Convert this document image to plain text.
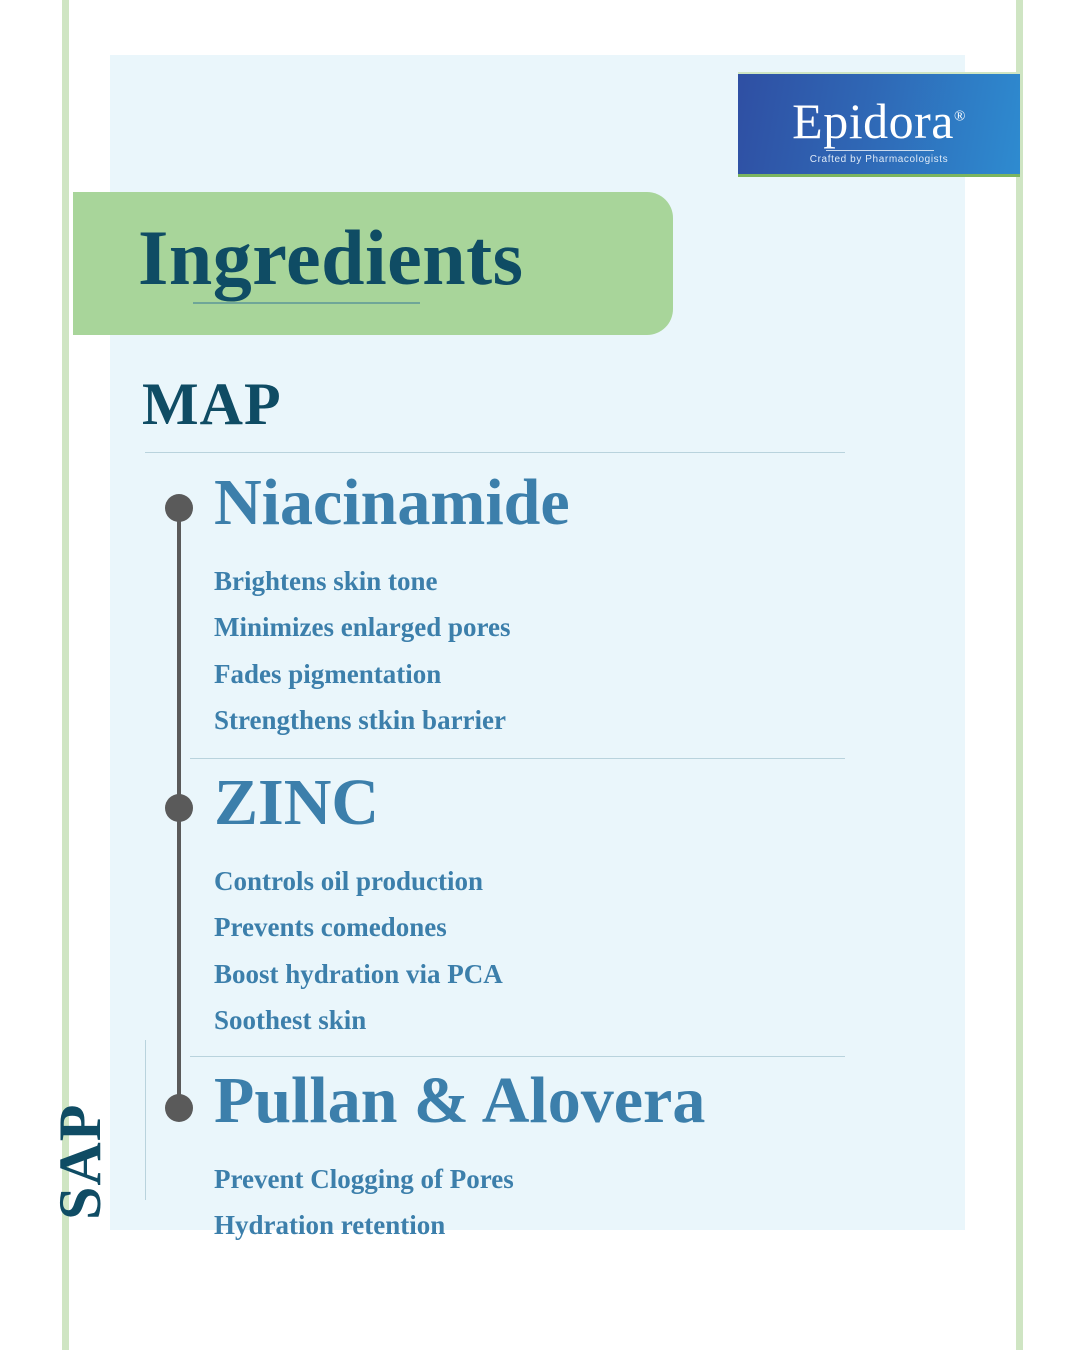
Epidora®
Crafted by Pharmacologists
Ingredients
MAP
SAP
Niacinamide
Brightens skin tone
Minimizes enlarged pores
Fades pigmentation
Strengthens stkin barrier
ZINC
Controls oil production
Prevents comedones
Boost hydration via PCA
Soothest skin
Pullan & Alovera
Prevent Clogging of Pores
Hydration retention
